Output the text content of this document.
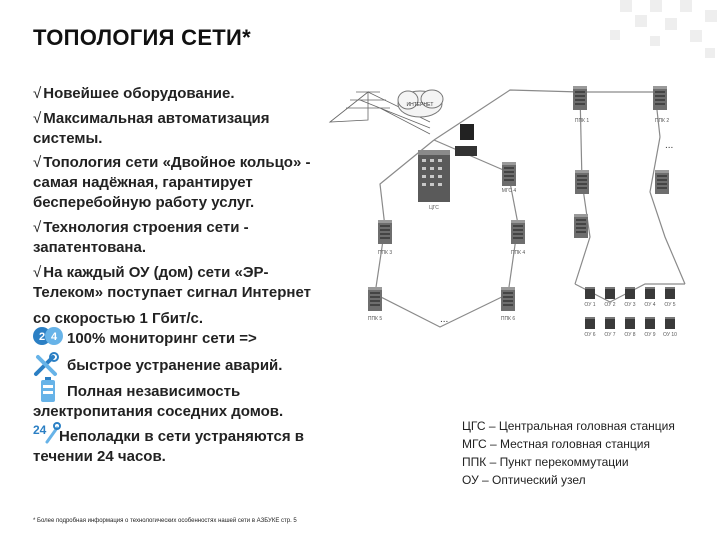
ТОПОЛОГИЯ СЕТИ*
√ Новейшее оборудование.
√ Максимальная автоматизация
системы.
√ Топология сети «Двойное кольцо» -
самая надёжная, гарантирует
бесперебойную работу услуг.
√ Технология строения сети -
запатентована.
√ На каждый ОУ (дом) сети «ЭР-
Телеком» поступает сигнал Интернет
со скоростью 1 Гбит/с.
2 4 100% мониторинг сети =>
быстрое устранение аварий.
Полная независимость
электропитания соседних домов.
24 Неполадки в сети устраняются в
течении 24 часов.
ИНТЕРНЕТ
ЦГС
МГС 4
ППК 1	ППК 2
ППК 3	ППК 4
ППК 5	ППК 6
ОУ 1 ОУ 2 ОУ 3 ОУ 4 ОУ 5
ОУ 6 ОУ 7 ОУ 8 ОУ 9 ОУ 10
...
...
ЦГС – Центральная головная станция
МГС – Местная головная станция
ППК – Пункт перекоммутации
ОУ – Оптический узел
* Более подробная информация о технологических особенностях нашей сети в АЗБУКЕ стр. 5
